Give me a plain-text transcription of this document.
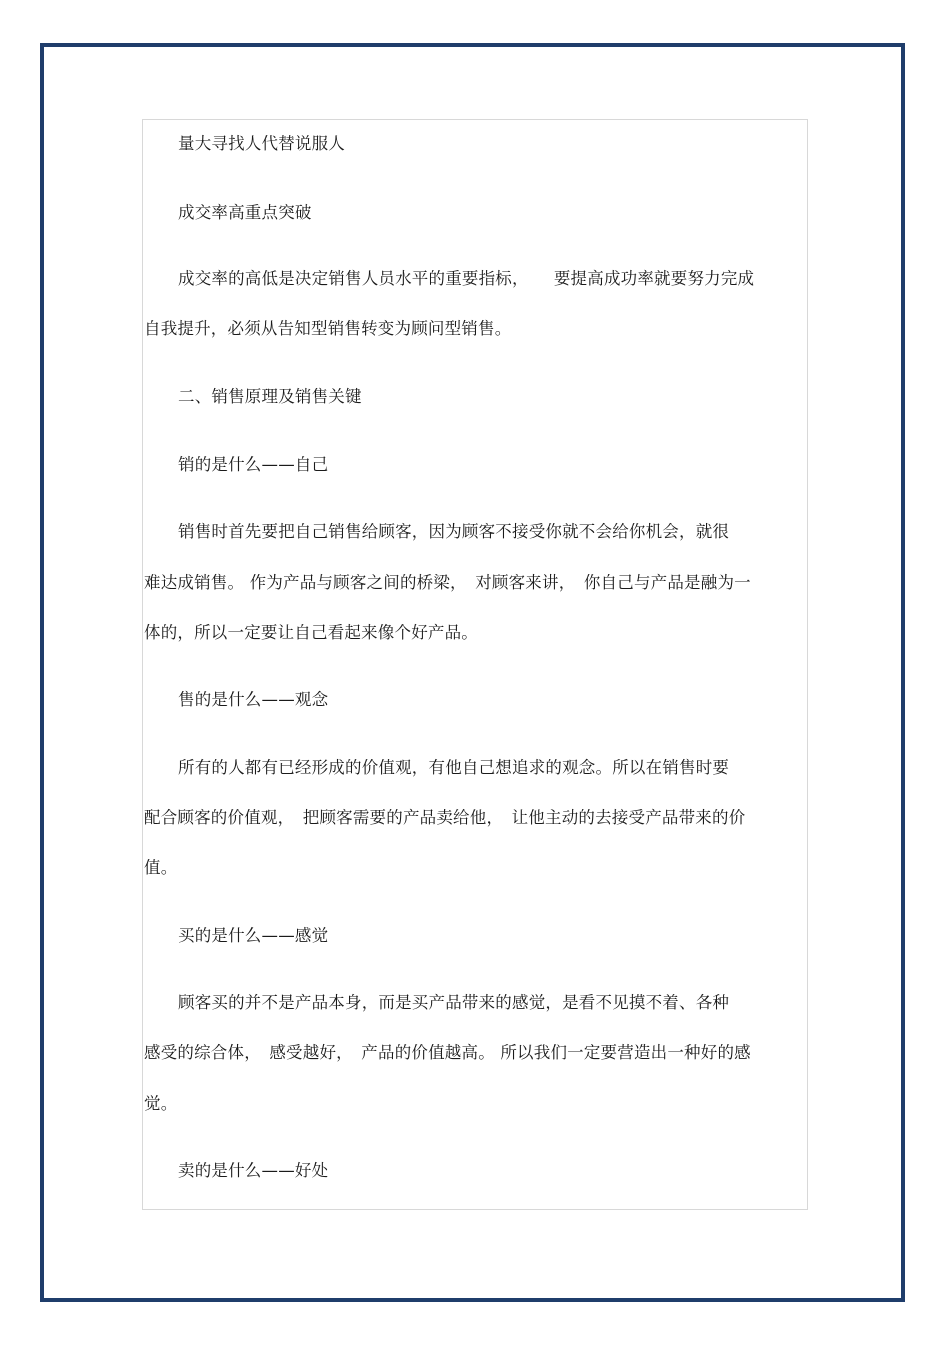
量大寻找人代替说服人
成交率高重点突破
成交率的高低是决定销售人员水平的重要指标，　　要提高成功率就要努力完成
自我提升，必须从告知型销售转变为顾问型销售。
二、销售原理及销售关键
销的是什么——自己
销售时首先要把自己销售给顾客，因为顾客不接受你就不会给你机会，就很
难达成销售。 作为产品与顾客之间的桥梁，　对顾客来讲，　你自己与产品是融为一
体的，所以一定要让自己看起来像个好产品。
售的是什么——观念
所有的人都有已经形成的价值观，有他自己想追求的观念。所以在销售时要
配合顾客的价值观，　把顾客需要的产品卖给他，　让他主动的去接受产品带来的价
值。
买的是什么——感觉
顾客买的并不是产品本身，而是买产品带来的感觉，是看不见摸不着、各种
感受的综合体，　感受越好，　产品的价值越高。 所以我们一定要营造出一种好的感
觉。
卖的是什么——好处
